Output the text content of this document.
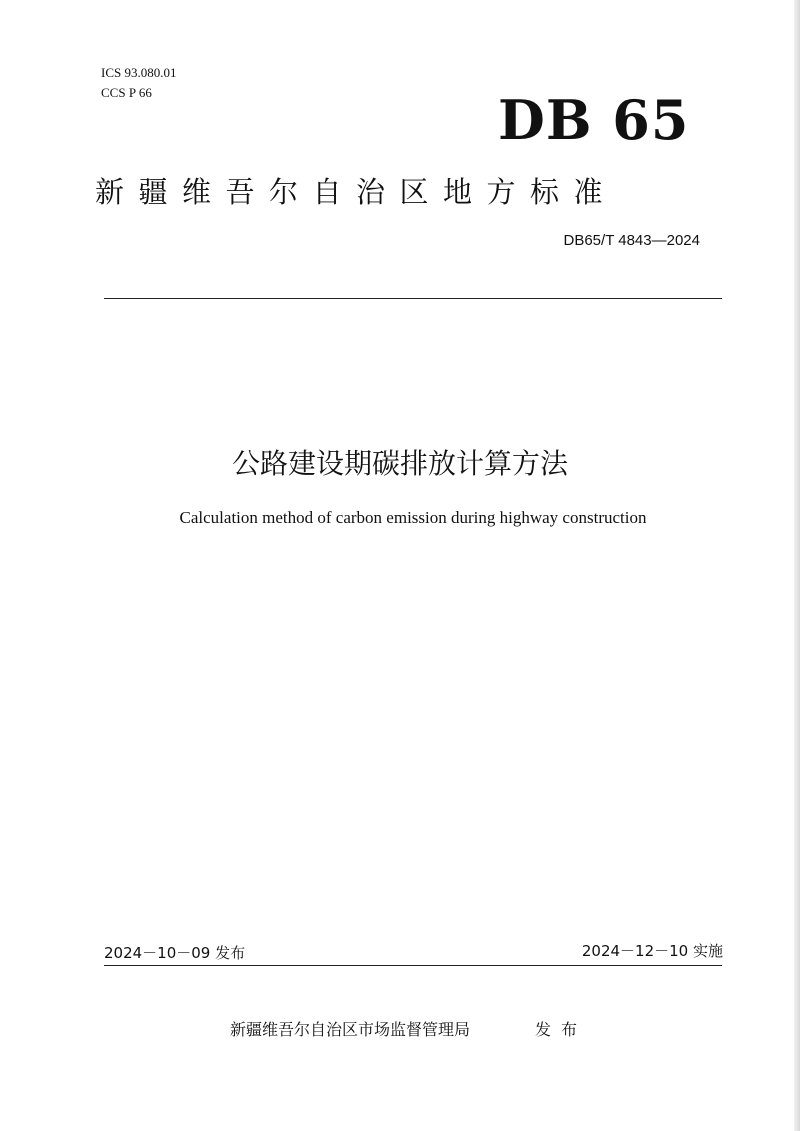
ICS 93.080.01
CCS P 66	DB 65
新疆维吾尔自治区地方标准
DB65/T 4843—2024
公路建设期碳排放计算方法
Calculation method of carbon emission during highway construction
2024－10－09 发布	2024－12－10 实施
新疆维吾尔自治区市场监督管理局	发布
